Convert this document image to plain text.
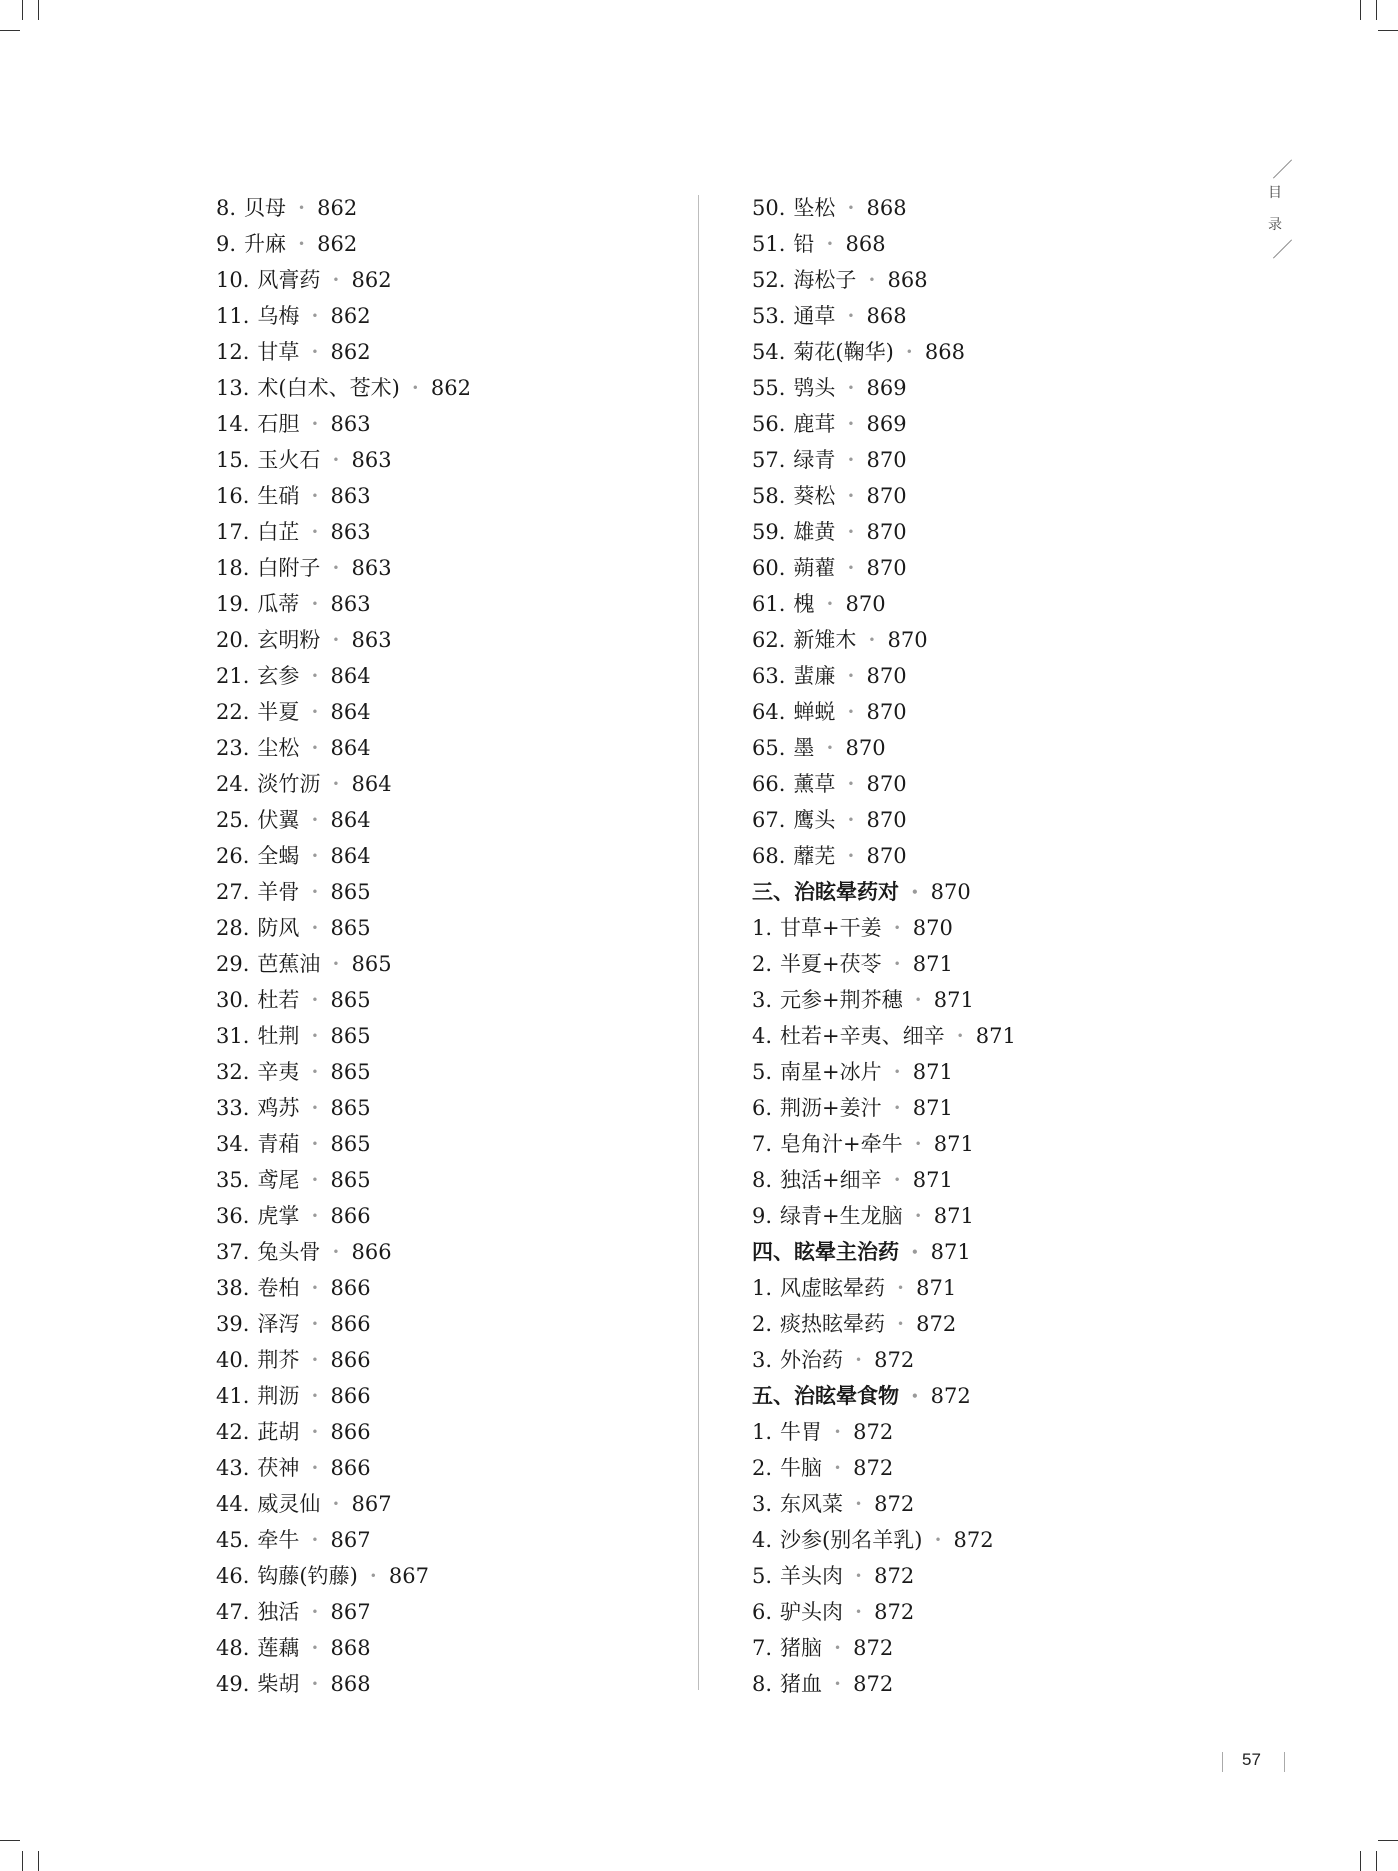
目
录
8. 贝母 • 862
9. 升麻 • 862
10. 风膏药 • 862
11. 乌梅 • 862
12. 甘草 • 862
13. 术(白术、苍术) • 862
14. 石胆 • 863
15. 玉火石 • 863
16. 生硝 • 863
17. 白芷 • 863
18. 白附子 • 863
19. 瓜蒂 • 863
20. 玄明粉 • 863
21. 玄参 • 864
22. 半夏 • 864
23. 尘松 • 864
24. 淡竹沥 • 864
25. 伏翼 • 864
26. 全蝎 • 864
27. 羊骨 • 865
28. 防风 • 865
29. 芭蕉油 • 865
30. 杜若 • 865
31. 牡荆 • 865
32. 辛夷 • 865
33. 鸡苏 • 865
34. 青葙 • 865
35. 鸢尾 • 865
36. 虎掌 • 866
37. 兔头骨 • 866
38. 卷柏 • 866
39. 泽泻 • 866
40. 荆芥 • 866
41. 荆沥 • 866
42. 茈胡 • 866
43. 茯神 • 866
44. 威灵仙 • 867
45. 牵牛 • 867
46. 钩藤(钓藤) • 867
47. 独活 • 867
48. 莲藕 • 868
49. 柴胡 • 868
50. 坠松 • 868
51. 铅 • 868
52. 海松子 • 868
53. 通草 • 868
54. 菊花(鞠华) • 868
55. 鸮头 • 869
56. 鹿茸 • 869
57. 绿青 • 870
58. 葵松 • 870
59. 雄黄 • 870
60. 蒴藋 • 870
61. 槐 • 870
62. 新雉木 • 870
63. 蜚廉 • 870
64. 蝉蜕 • 870
65. 墨 • 870
66. 薰草 • 870
67. 鹰头 • 870
68. 蘼芜 • 870
三、治眩晕药对 • 870
1. 甘草+干姜 • 870
2. 半夏+茯苓 • 871
3. 元参+荆芥穗 • 871
4. 杜若+辛夷、细辛 • 871
5. 南星+冰片 • 871
6. 荆沥+姜汁 • 871
7. 皂角汁+牵牛 • 871
8. 独活+细辛 • 871
9. 绿青+生龙脑 • 871
四、眩晕主治药 • 871
1. 风虚眩晕药 • 871
2. 痰热眩晕药 • 872
3. 外治药 • 872
五、治眩晕食物 • 872
1. 牛胃 • 872
2. 牛脑 • 872
3. 东风菜 • 872
4. 沙参(别名羊乳) • 872
5. 羊头肉 • 872
6. 驴头肉 • 872
7. 猪脑 • 872
8. 猪血 • 872
57
